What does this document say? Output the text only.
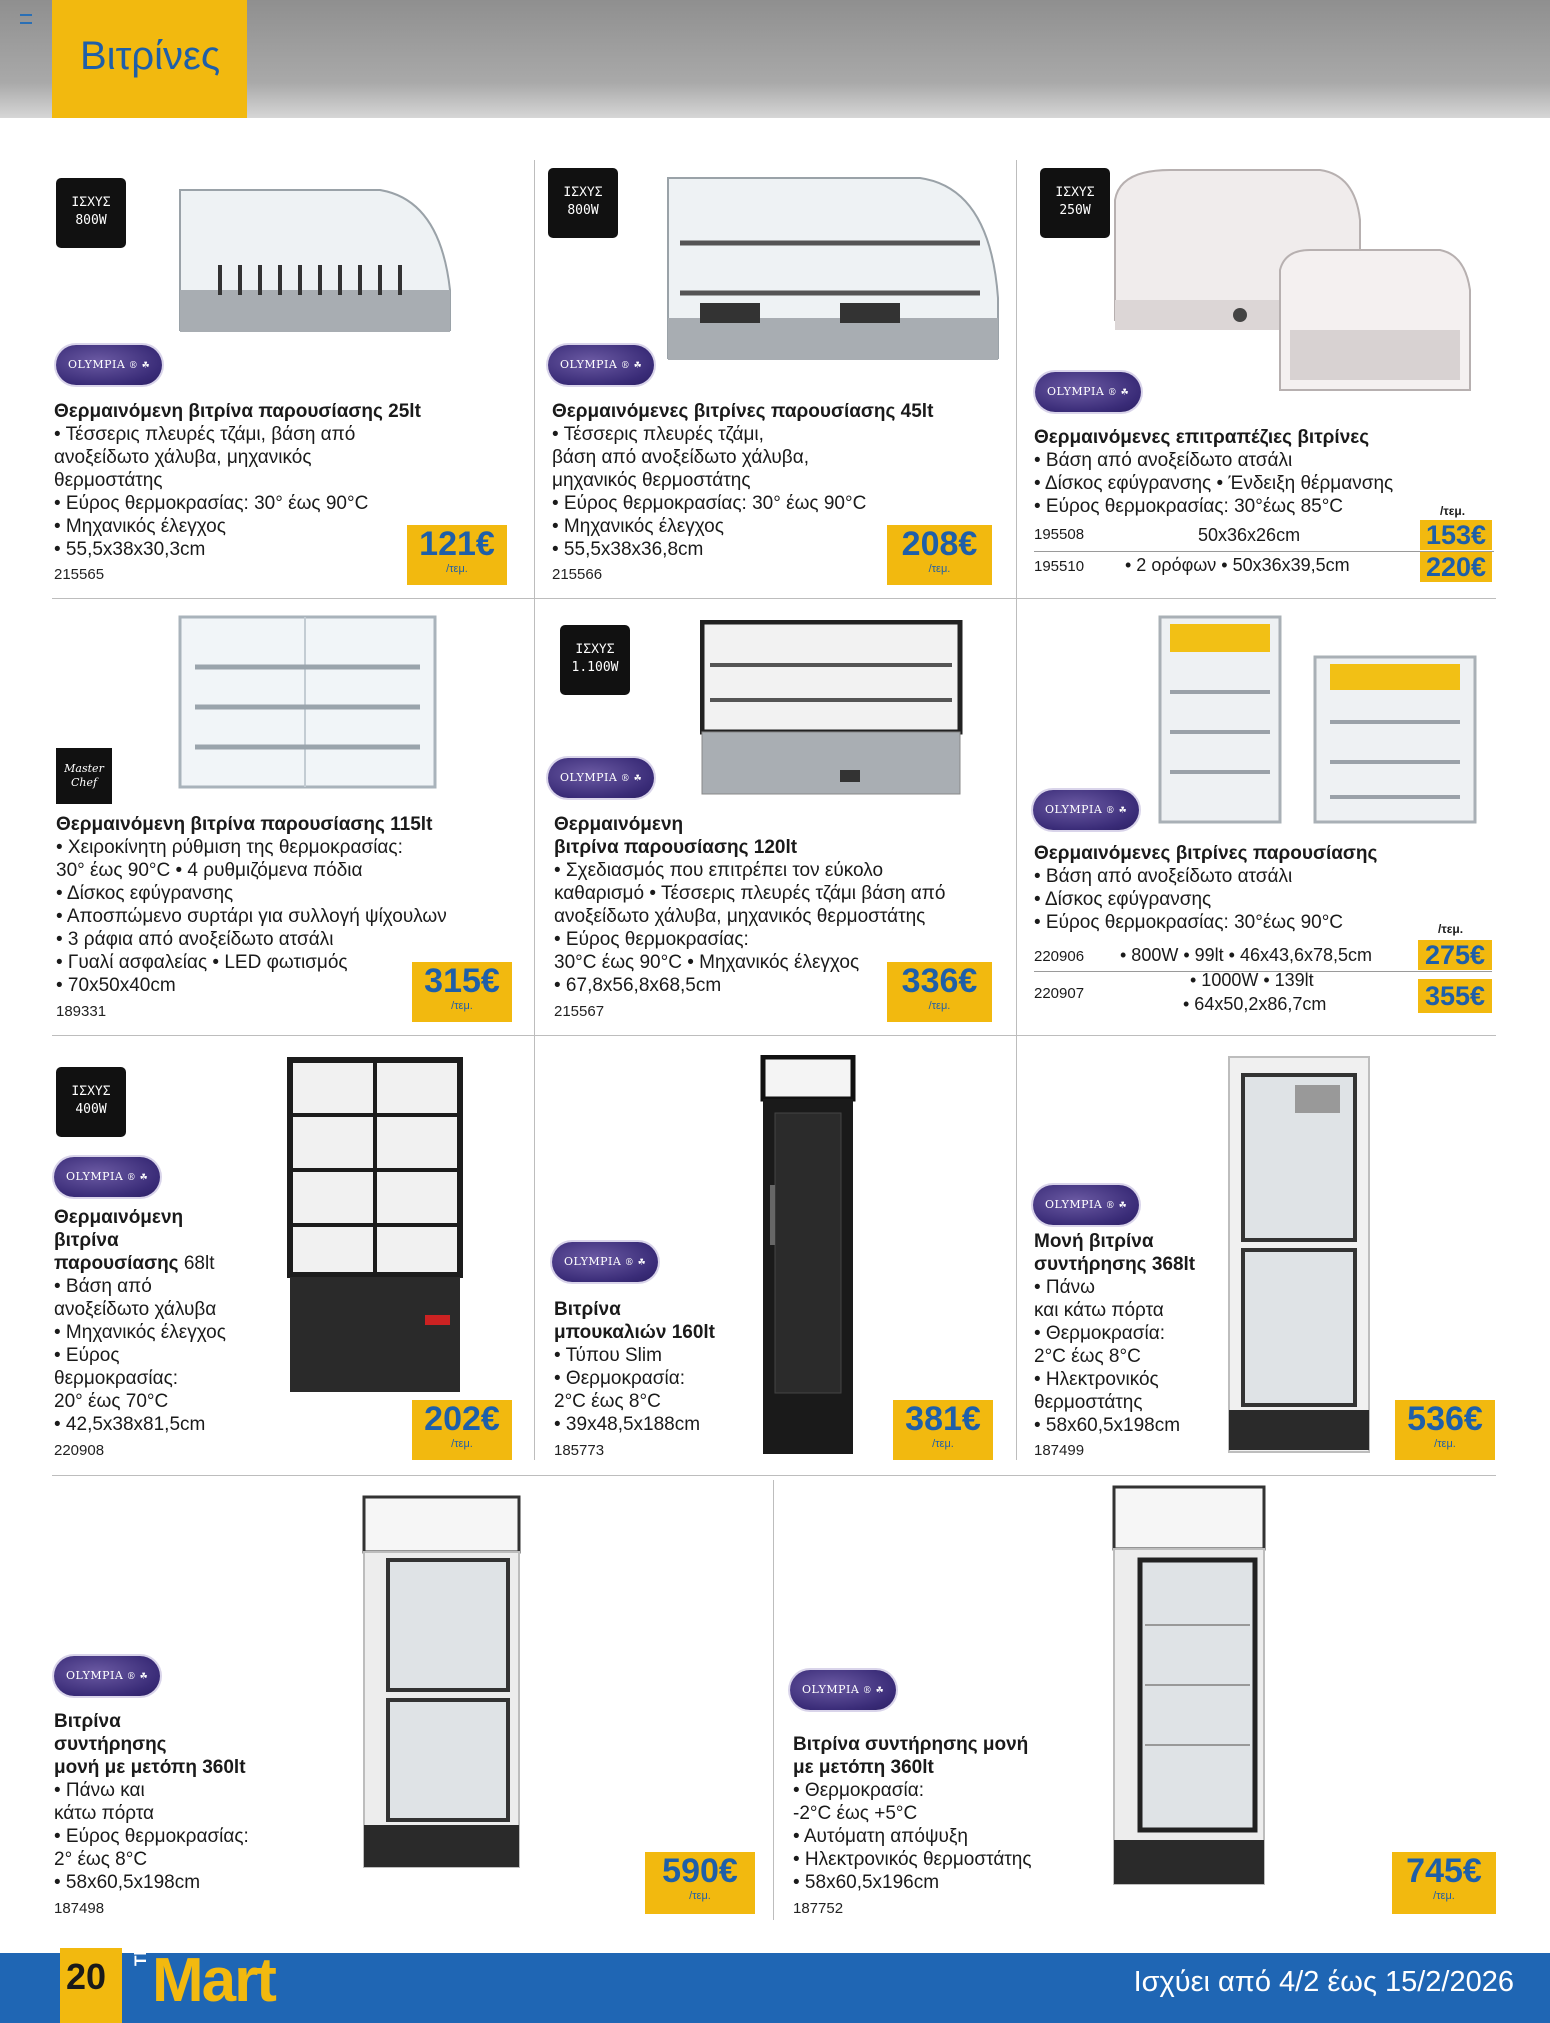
Βιτρίνες
ΙΣΧΥΣ
800W
OLYMPIA ® ☘
Θερμαινόμενη βιτρίνα παρουσίασης 25lt
• Τέσσερις πλευρές τζάμι, βάση από
ανοξείδωτο χάλυβα, μηχανικός
θερμοστάτης
• Εύρος θερμοκρασίας: 30° έως 90°C
• Μηχανικός έλεγχος
• 55,5x38x30,3cm
215565
121€
/τεμ.
ΙΣΧΥΣ
800W
OLYMPIA ® ☘
Θερμαινόμενες βιτρίνες παρουσίασης 45lt
• Τέσσερις πλευρές τζάμι,
βάση από ανοξείδωτο χάλυβα,
μηχανικός θερμοστάτης
• Εύρος θερμοκρασίας: 30° έως 90°C
• Μηχανικός έλεγχος
• 55,5x38x36,8cm
215566
208€
/τεμ.
ΙΣΧΥΣ
250W
OLYMPIA ® ☘
Θερμαινόμενες επιτραπέζιες βιτρίνες
• Βάση από ανοξείδωτο ατσάλι
• Δίσκος εφύγρανσης • Ένδειξη θέρμανσης
• Εύρος θερμοκρασίας: 30°έως 85°C	/τεμ.
195508	50x36x26cm	153€
195510 • 2 ορόφων • 50x36x39,5cm	220€
Master Chef
Θερμαινόμενη βιτρίνα παρουσίασης 115lt
• Χειροκίνητη ρύθμιση της θερμοκρασίας:
30° έως 90°C • 4 ρυθμιζόμενα πόδια
• Δίσκος εφύγρανσης
• Αποσπώμενο συρτάρι για συλλογή ψίχουλων
• 3 ράφια από ανοξείδωτο ατσάλι
• Γυαλί ασφαλείας • LED φωτισμός
• 70x50x40cm
189331
315€
/τεμ.
ΙΣΧΥΣ
1.100W
OLYMPIA ® ☘
Θερμαινόμενη
βιτρίνα παρουσίασης 120lt
• Σχεδιασμός που επιτρέπει τον εύκολο
καθαρισμό • Τέσσερις πλευρές τζάμι βάση από
ανοξείδωτο χάλυβα, μηχανικός θερμοστάτης
• Εύρος θερμοκρασίας:
30°C έως 90°C • Μηχανικός έλεγχος
• 67,8x56,8x68,5cm
215567
336€
/τεμ.
OLYMPIA ® ☘
Θερμαινόμενες βιτρίνες παρουσίασης
• Βάση από ανοξείδωτο ατσάλι
• Δίσκος εφύγρανσης
• Εύρος θερμοκρασίας: 30°έως 90°C	/τεμ.
220906 • 800W • 99lt • 46x43,6x78,5cm 275€
220907
• 1000W • 139lt
• 64x50,2x86,7cm	355€
ΙΣΧΥΣ
400W
OLYMPIA ® ☘
Θερμαινόμενη
βιτρίνα
παρουσίασης 68lt
• Βάση από
ανοξείδωτο χάλυβα
• Μηχανικός έλεγχος
• Εύρος
θερμοκρασίας:
20° έως 70°C
• 42,5x38x81,5cm
220908
202€
/τεμ.
OLYMPIA ® ☘
Βιτρίνα
μπουκαλιών 160lt
• Τύπου Slim
• Θερμοκρασία:
2°C έως 8°C
• 39x48,5x188cm
185773
381€
/τεμ.
OLYMPIA ® ☘
Μονή βιτρίνα
συντήρησης 368lt
• Πάνω
και κάτω πόρτα
• Θερμοκρασία:
2°C έως 8°C
• Ηλεκτρονικός
θερμοστάτης
• 58x60,5x198cm
187499
536€
/τεμ.
OLYMPIA ® ☘
Βιτρίνα
συντήρησης
μονή με μετόπη 360lt
• Πάνω και
κάτω πόρτα
• Εύρος θερμοκρασίας:
2° έως 8°C
• 58x60,5x198cm
187498
590€
/τεμ.
OLYMPIA ® ☘
Βιτρίνα συντήρησης μονή
με μετόπη 360lt
• Θερμοκρασία:
-2°C έως +5°C
• Αυτόματη απόψυξη
• Ηλεκτρονικός θερμοστάτης
• 58x60,5x196cm
187752
745€
/τεμ.
20
The Mart	Ισχύει από 4/2 έως 15/2/2026
